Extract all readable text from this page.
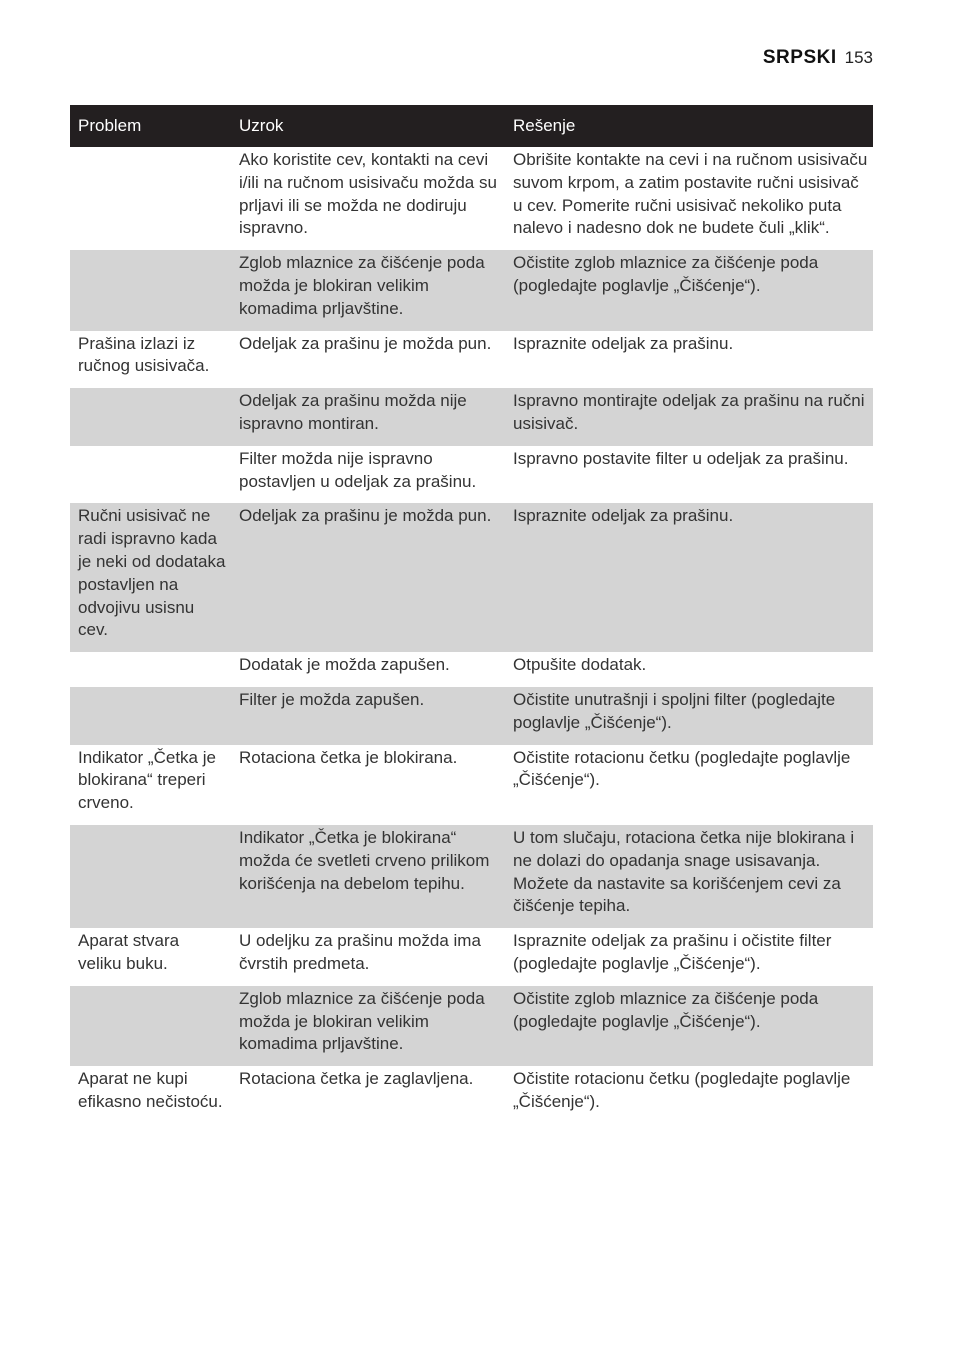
SRPSKI 153
Problem	Uzrok	Rešenje
	Ako koristite cev, kontakti na cevi i/ili na ručnom usisivaču možda su prljavi ili se možda ne dodiruju ispravno.	Obrišite kontakte na cevi i na ručnom usisivaču suvom krpom, a zatim postavite ručni usisivač u cev. Pomerite ručni usisivač nekoliko puta nalevo i nadesno dok ne budete čuli „klik“.
	Zglob mlaznice za čišćenje poda možda je blokiran velikim komadima prljavštine.	Očistite zglob mlaznice za čišćenje poda (pogledajte poglavlje „Čišćenje“).
Prašina izlazi iz ručnog usisivača.	Odeljak za prašinu je možda pun.	Ispraznite odeljak za prašinu.
	Odeljak za prašinu možda nije ispravno montiran.	Ispravno montirajte odeljak za prašinu na ručni usisivač.
	Filter možda nije ispravno postavljen u odeljak za prašinu.	Ispravno postavite filter u odeljak za prašinu.
Ručni usisivač ne radi ispravno kada je neki od dodataka postavljen na odvojivu usisnu cev.	Odeljak za prašinu je možda pun.	Ispraznite odeljak za prašinu.
	Dodatak je možda zapušen.	Otpušite dodatak.
	Filter je možda zapušen.	Očistite unutrašnji i spoljni filter (pogledajte poglavlje „Čišćenje“).
Indikator „Četka je blokirana“ treperi crveno.	Rotaciona četka je blokirana.	Očistite rotacionu četku (pogledajte poglavlje „Čišćenje“).
	Indikator „Četka je blokirana“ možda će svetleti crveno prilikom korišćenja na debelom tepihu.	U tom slučaju, rotaciona četka nije blokirana i ne dolazi do opadanja snage usisavanja. Možete da nastavite sa korišćenjem cevi za čišćenje tepiha.
Aparat stvara veliku buku.	U odeljku za prašinu možda ima čvrstih predmeta.	Ispraznite odeljak za prašinu i očistite filter (pogledajte poglavlje „Čišćenje“).
	Zglob mlaznice za čišćenje poda možda je blokiran velikim komadima prljavštine.	Očistite zglob mlaznice za čišćenje poda (pogledajte poglavlje „Čišćenje“).
Aparat ne kupi efikasno nečistoću.	Rotaciona četka je zaglavljena.	Očistite rotacionu četku (pogledajte poglavlje „Čišćenje“).
